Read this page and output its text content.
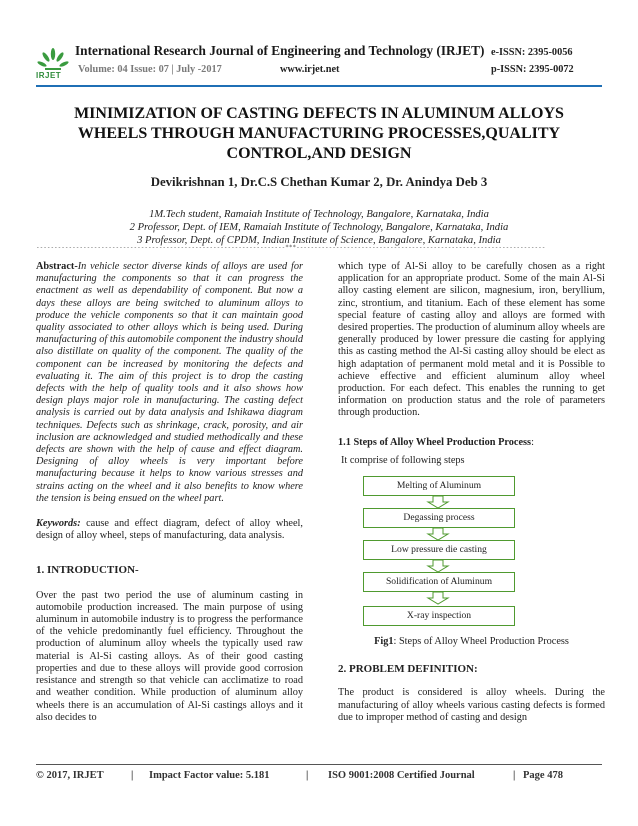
IRJET
International Research Journal of Engineering and Technology (IRJET)
Volume: 04 Issue: 07 | July -2017	www.irjet.net
e-ISSN: 2395-0056
p-ISSN: 2395-0072
MINIMIZATION OF CASTING DEFECTS IN ALUMINUM ALLOYS WHEELS THROUGH MANUFACTURING PROCESSES,QUALITY CONTROL,AND DESIGN
Devikrishnan 1, Dr.C.S Chethan Kumar 2, Dr. Anindya Deb 3
1M.Tech student, Ramaiah Institute of Technology, Bangalore, Karnataka, India
2 Professor, Dept. of IEM, Ramaiah Institute of Technology, Bangalore, Karnataka, India
3 Professor, Dept. of CPDM, Indian Institute of Science, Bangalore, Karnataka, India
---------------------------------------------------------------------***---------------------------------------------------------------------

Abstract-In vehicle sector diverse kinds of alloys are used for manufacturing the components so that it can progress the enactment as well as dependability of component. But now a days these alloys are being switched to aluminum alloys to produce the vehicle components so that it can maintain good quality associated to other alloys which is being used. During manufacturing of this automobile component the industry should also distillate on quality of the component. The quality of the component can be increased by monitoring the defects and evaluating it. The aim of this project is to drop the casting defects with the help of quality tools and it also shows how design plays major role in manufacturing. The casting defect analysis is carried out by data analysis and Ishikawa diagram techniques. Defects such as shrinkage, crack, porosity, and air inclusion are acknowledged and studied methodically and these defects are shown with the help of cause and effect diagram. Designing of alloy wheels is very important before manufacturing because it helps to know various stresses and strains acting on the wheel and it also benefits to know where the tension is being ensued on the wheel part.

Keywords: cause and effect diagram, defect of alloy wheel, design of alloy wheel, steps of manufacturing, data analysis.

1. INTRODUCTION-

Over the past two period the use of aluminum casting in automobile production increased. The main purpose of using aluminum in automobile industry is to progress the performance of the vehicle predominantly fuel efficiency. Throughout the production of aluminum alloy wheels the typically used raw material is Al-Si casting alloys. As of their good casting properties and due to these alloys will provide good corrosion resistance and strength so that vehicle can acclimatize to road and weather condition. While production of aluminum alloy wheels there is an accumulation of Al-Si castings alloys and it also decides to

which type of Al-Si alloy to be carefully chosen as a right application for an appropriate product. Some of the main Al-Si alloy casting element are silicon, magnesium, iron, beryllium, zinc, strontium, and titanium. Each of these element has some special feature of casting alloy and alloys are formed with desired properties. The production of aluminum alloy wheels are generally produced by lower pressure die casting for applying this as casting method the Al-Si casting alloy should be elect as high adaptation of permanent mold metal and it is Possible to achieve effective and efficient aluminum alloy wheel production. For each defect. This enables the running to get information on production status and the role of parameters through production.

1.1 Steps of Alloy Wheel Production Process:
It comprise of following steps
Melting of Aluminum
Degassing process
Low pressure die casting
Solidification of Aluminum
X-ray inspection
Fig1: Steps of Alloy Wheel Production Process
2. PROBLEM DEFINITION:

The product is considered is alloy wheels. During the manufacturing of alloy wheels various casting defects is formed due to improper method of casting and design

© 2017, IRJET	| Impact Factor value: 5.181	| ISO 9001:2008 Certified Journal	| Page 478
